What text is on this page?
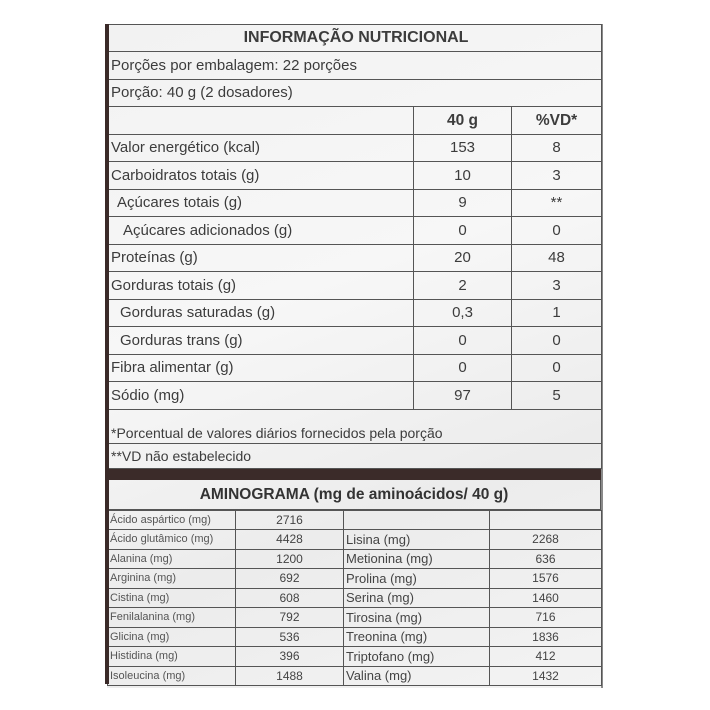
INFORMAÇÃO NUTRICIONAL		
Porções por embalagem: 22 porções		
Porção: 40 g (2 dosadores)		
	40 g	%VD*
Valor energético (kcal)	153	8
Carboidratos totais (g)	10	3
Açúcares totais (g)	9	**
Açúcares adicionados (g)	0	0
Proteínas (g)	20	48
Gorduras totais (g)	2	3
Gorduras saturadas (g)	0,3	1
Gorduras trans (g)	0	0
Fibra alimentar (g)	0	0
Sódio (mg)	97	5
*Porcentual de valores diários fornecidos pela porção		
**VD não estabelecido		
AMINOGRAMA (mg de aminoácidos/ 40 g)
Ácido aspártico (mg)	2716		
Ácido glutâmico (mg)	4428	Lisina (mg)	2268
Alanina (mg)	1200	Metionina (mg)	636
Arginina (mg)	692	Prolina (mg)	1576
Cistina (mg)	608	Serina (mg)	1460
Fenilalanina (mg)	792	Tirosina (mg)	716
Glicina (mg)	536	Treonina (mg)	1836
Histidina (mg)	396	Triptofano (mg)	412
Isoleucina (mg)	1488	Valina (mg)	1432
